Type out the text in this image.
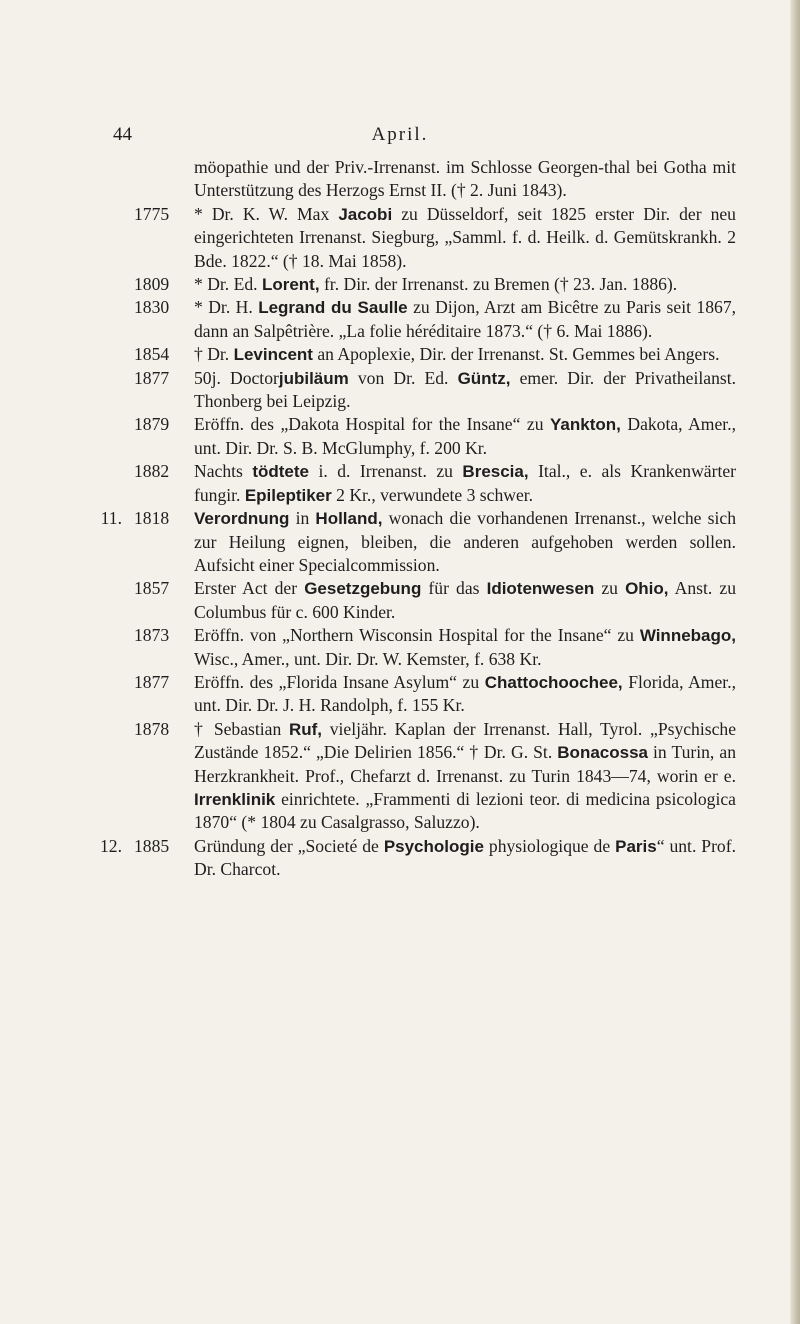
44	April.
möopathie und der Priv.-Irrenanst. im Schlosse Georgen-thal bei Gotha mit Unterstützung des Herzogs Ernst II. († 2. Juni 1843).
1775 * Dr. K. W. Max Jacobi zu Düsseldorf, seit 1825 erster Dir. der neu eingerichteten Irrenanst. Siegburg, „Samml. f. d. Heilk. d. Gemütskrankh. 2 Bde. 1822.“ († 18. Mai 1858).
1809 * Dr. Ed. Lorent, fr. Dir. der Irrenanst. zu Bremen († 23. Jan. 1886).
1830 * Dr. H. Legrand du Saulle zu Dijon, Arzt am Bicêtre zu Paris seit 1867, dann an Salpêtrière. „La folie héréditaire 1873.“ († 6. Mai 1886).
1854 † Dr. Levincent an Apoplexie, Dir. der Irrenanst. St. Gemmes bei Angers.
1877 50j. Doctorjubiläum von Dr. Ed. Güntz, emer. Dir. der Privatheilanst. Thonberg bei Leipzig.
1879 Eröffn. des „Dakota Hospital for the Insane“ zu Yankton, Dakota, Amer., unt. Dir. Dr. S. B. McGlumphy, f. 200 Kr.
1882 Nachts tödtete i. d. Irrenanst. zu Brescia, Ital., e. als Krankenwärter fungir. Epileptiker 2 Kr., verwundete 3 schwer.
11. 1818 Verordnung in Holland, wonach die vorhandenen Irrenanst., welche sich zur Heilung eignen, bleiben, die anderen aufgehoben werden sollen. Aufsicht einer Specialcommission.
1857 Erster Act der Gesetzgebung für das Idiotenwesen zu Ohio, Anst. zu Columbus für c. 600 Kinder.
1873 Eröffn. von „Northern Wisconsin Hospital for the Insane“ zu Winnebago, Wisc., Amer., unt. Dir. Dr. W. Kemster, f. 638 Kr.
1877 Eröffn. des „Florida Insane Asylum“ zu Chattochoochee, Florida, Amer., unt. Dir. Dr. J. H. Randolph, f. 155 Kr.
1878 † Sebastian Ruf, vieljähr. Kaplan der Irrenanst. Hall, Tyrol. „Psychische Zustände 1852.“ „Die Delirien 1856.“ † Dr. G. St. Bonacossa in Turin, an Herzkrankheit. Prof., Chefarzt d. Irrenanst. zu Turin 1843—74, worin er e. Irrenklinik einrichtete. „Frammenti di lezioni teor. di medicina psicologica 1870“ (* 1804 zu Casalgrasso, Saluzzo).
12. 1885 Gründung der „Societé de Psychologie physiologique de Paris“ unt. Prof. Dr. Charcot.
